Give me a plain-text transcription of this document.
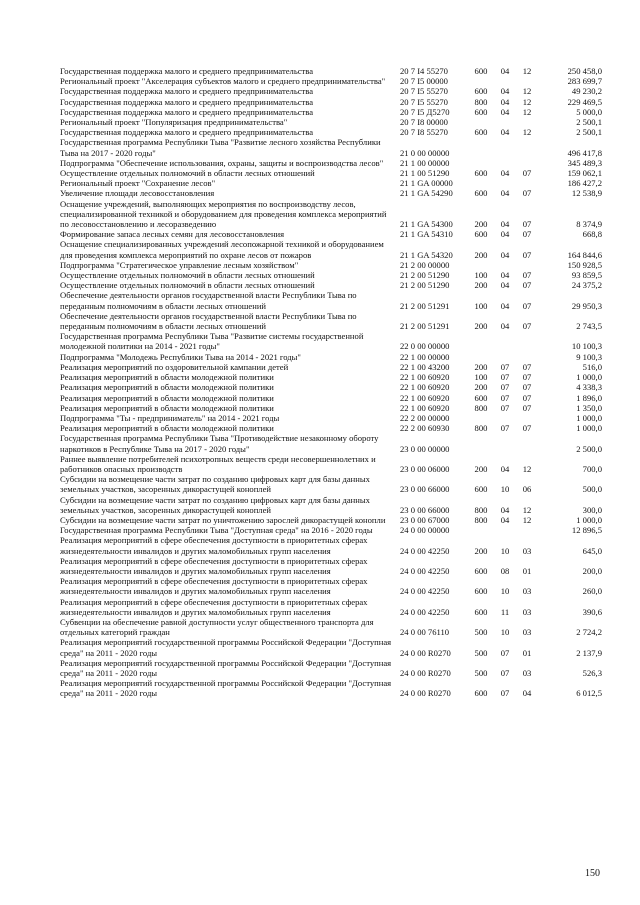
Государственная поддержка малого и среднего предпринимательства	20 7 I4 55270	600	04	12	250 458,0
Региональный проект "Акселерация субъектов малого и среднего предпринимательства"	20 7 I5 00000				283 699,7
Государственная поддержка малого и среднего предпринимательства	20 7 I5 55270	600	04	12	49 230,2
Государственная поддержка малого и среднего предпринимательства	20 7 I5 55270	800	04	12	229 469,5
Государственная поддержка малого и среднего предпринимательства	20 7 I5 Д5270	600	04	12	5 000,0
Региональный проект "Популяризация предпринимательства"	20 7 I8 00000				2 500,1
Государственная поддержка малого и среднего предпринимательства	20 7 I8 55270	600	04	12	2 500,1
Государственная программа Республики Тыва "Развитие лесного хозяйства Республики Тыва на 2017 - 2020 годы"	21 0 00 00000				496 417,8
Подпрограмма "Обеспечение использования, охраны, защиты и воспроизводства лесов"	21 1 00 00000				345 489,3
Осуществление отдельных полномочий в области лесных отношений	21 1 00 51290	600	04	07	159 062,1
Региональный проект "Сохранение лесов"	21 1 GA 00000				186 427,2
Увеличение площади лесовосстановления	21 1 GA 54290	600	04	07	12 538,9
Оснащение учреждений, выполняющих мероприятия по воспроизводству лесов, специализированной техникой и оборудованием для проведения комплекса мероприятий по лесовосстановлению и лесоразведению	21 1 GA 54300	200	04	07	8 374,9
Формирование запаса лесных семян для лесовосстановления	21 1 GA 54310	600	04	07	668,8
Оснащение специализированных учреждений лесопожарной техникой и оборудованием для проведения комплекса мероприятий по охране лесов от пожаров	21 1 GA 54320	200	04	07	164 844,6
Подпрограмма "Стратегическое управление лесным хозяйством"	21 2 00 00000				150 928,5
Осуществление отдельных полномочий в области лесных отношений	21 2 00 51290	100	04	07	93 859,5
Осуществление отдельных полномочий в области лесных отношений	21 2 00 51290	200	04	07	24 375,2
Обеспечение деятельности органов государственной власти Республики Тыва по переданным полномочиям в области лесных отношений	21 2 00 51291	100	04	07	29 950,3
Обеспечение деятельности органов государственной власти Республики Тыва по переданным полномочиям в области лесных отношений	21 2 00 51291	200	04	07	2 743,5
Государственная программа Республики Тыва "Развитие системы государственной молодежной политики на 2014 - 2021 годы"	22 0 00 00000				10 100,3
Подпрограмма "Молодежь Республики Тыва на 2014 - 2021 годы"	22 1 00 00000				9 100,3
Реализация мероприятий по оздоровительной кампании детей	22 1 00 43200	200	07	07	516,0
Реализация мероприятий в области молодежной политики	22 1 00 60920	100	07	07	1 000,0
Реализация мероприятий в области молодежной политики	22 1 00 60920	200	07	07	4 338,3
Реализация мероприятий в области молодежной политики	22 1 00 60920	600	07	07	1 896,0
Реализация мероприятий в области молодежной политики	22 1 00 60920	800	07	07	1 350,0
Подпрограмма "Ты - предприниматель" на 2014 - 2021 годы	22 2 00 00000				1 000,0
Реализация мероприятий в области молодежной политики	22 2 00 60930	800	07	07	1 000,0
Государственная программа Республики Тыва "Противодействие незаконному обороту наркотиков в Республике Тыва на 2017 - 2020 годы"	23 0 00 00000				2 500,0
Раннее выявление потребителей психотропных веществ среди несовершеннолетних и работников опасных производств	23 0 00 06000	200	04	12	700,0
Субсидии на возмещение части затрат по созданию цифровых карт для базы данных земельных участков, засоренных дикорастущей коноплей	23 0 00 66000	600	10	06	500,0
Субсидии на возмещение части затрат по созданию цифровых карт для базы данных земельных участков, засоренных дикорастущей коноплей	23 0 00 66000	800	04	12	300,0
Субсидии на возмещение части затрат по уничтожению зарослей дикорастущей конопли	23 0 00 67000	800	04	12	1 000,0
Государственная программа Республики Тыва "Доступная среда" на 2016 - 2020 годы	24 0 00 00000				12 896,5
Реализация мероприятий в сфере обеспечения доступности в приоритетных сферах жизнедеятельности инвалидов и других маломобильных групп населения	24 0 00 42250	200	10	03	645,0
Реализация мероприятий в сфере обеспечения доступности в приоритетных сферах жизнедеятельности инвалидов и других маломобильных групп населения	24 0 00 42250	600	08	01	200,0
Реализация мероприятий в сфере обеспечения доступности в приоритетных сферах жизнедеятельности инвалидов и других маломобильных групп населения	24 0 00 42250	600	10	03	260,0
Реализация мероприятий в сфере обеспечения доступности в приоритетных сферах жизнедеятельности инвалидов и других маломобильных групп населения	24 0 00 42250	600	11	03	390,6
Субвенции на обеспечение равной доступности услуг общественного транспорта для отдельных категорий граждан	24 0 00 76110	500	10	03	2 724,2
Реализация мероприятий государственной программы Российской Федерации "Доступная среда" на 2011 - 2020 годы	24 0 00 R0270	500	07	01	2 137,9
Реализация мероприятий государственной программы Российской Федерации "Доступная среда" на 2011 - 2020 годы	24 0 00 R0270	500	07	03	526,3
Реализация мероприятий государственной программы Российской Федерации "Доступная среда" на 2011 - 2020 годы	24 0 00 R0270	600	07	04	6 012,5
150
